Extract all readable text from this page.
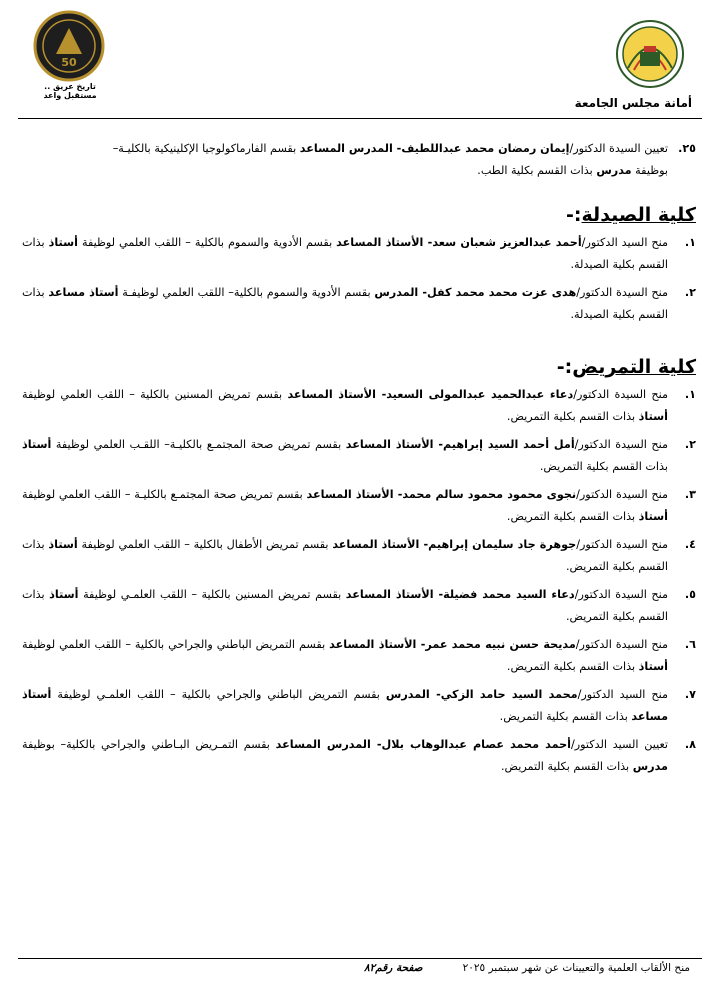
أمانة مجلس الجامعة
50
تاريخ عريق .. مستقبل واعد
٢٥.
تعيين السيدة الدكتور/إيمان رمضان محمد عبداللطيف- المدرس المساعد بقسم الفارماكولوجيا الإكلينيكية بالكليـة–
بوظيفة مدرس بذات القسم بكلية الطب.
كلية الصيدلة:-
١.
منح السيد الدكتور/أحمد عبدالعزيز شعبان سعد- الأستاذ المساعد بقسم الأدوية والسموم بالكلية – اللقب العلمي لوظيفة أستاذ بذات القسم بكلية الصيدلة.
٢.
منح السيدة الدكتور/هدى عزت محمد محمد كفل- المدرس بقسم الأدوية والسموم بالكلية– اللقب العلمي لوظيفـة أستاذ مساعد بذات القسم بكلية الصيدلة.
كلية التمريض:-
١.
منح السيدة الدكتور/دعاء عبدالحميد عبدالمولى السعيد- الأستاذ المساعد بقسم تمريض المسنين بالكلية – اللقب العلمي لوظيفة أستاذ بذات القسم بكلية التمريض.
٢.
منح السيدة الدكتور/أمل أحمد السيد إبراهيم- الأستاذ المساعد بقسم تمريض صحة المجتمـع بالكليـة– اللقـب العلمي لوظيفة أستاذ بذات القسم بكلية التمريض.
٣.
منح السيدة الدكتور/نجوى محمود محمود سالم محمد- الأستاذ المساعد بقسم تمريض صحة المجتمـع بالكليـة – اللقب العلمي لوظيفة أستاذ بذات القسم بكلية التمريض.
٤.
منح السيدة الدكتور/جوهرة جاد سليمان إبراهيم- الأستاذ المساعد بقسم تمريض الأطفال بالكلية – اللقب العلمي لوظيفة أستاذ بذات القسم بكلية التمريض.
٥.
منح السيدة الدكتور/دعاء السيد محمد فضيلة- الأستاذ المساعد بقسم تمريض المسنين بالكلية – اللقب العلمـي لوظيفة أستاذ بذات القسم بكلية التمريض.
٦.
منح السيدة الدكتور/مديحة حسن نبيه محمد عمر- الأستاذ المساعد بقسم التمريض الباطني والجراحي بالكلية – اللقب العلمي لوظيفة أستاذ بذات القسم بكلية التمريض.
٧.
منح السيد الدكتور/محمد السيد حامد الزكي- المدرس بقسم التمريض الباطني والجراحي بالكلية – اللقب العلمـي لوظيفة أستاذ مساعد بذات القسم بكلية التمريض.
٨.
تعيين السيد الدكتور/أحمد محمد عصام عبدالوهاب بلال- المدرس المساعد بقسم التمـريض البـاطني والجراحي بالكلية– بوظيفة مدرس بذات القسم بكلية التمريض.
منح الألقاب العلمية والتعيينات عن شهر سبتمبر ٢٠٢٥
صفحة رقم٨٢
